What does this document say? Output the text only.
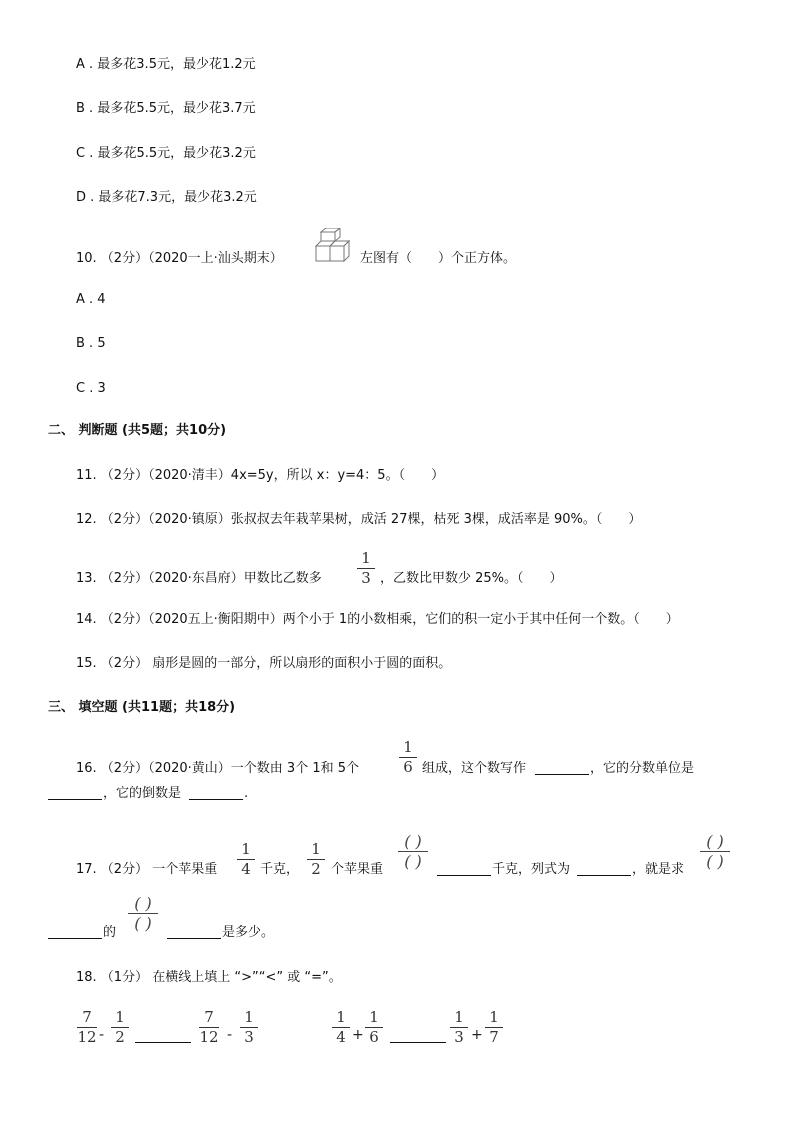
A . 最多花3.5元，最少花1.2元
B . 最多花5.5元，最少花3.7元
C . 最多花5.5元，最少花3.2元
D . 最多花7.3元，最少花3.2元
10. （2分）（2020一上·汕头期末）	左图有（　　）个正方体。
A . 4
B . 5
C . 3
二、 判断题 (共5题；共10分)
11. （2分）（2020·清丰）4x=5y，所以 x：y=4：5。（　　）
12. （2分）（2020·镇原）张叔叔去年栽苹果树，成活 27棵，枯死 3棵，成活率是 90%。（　　）
13. （2分）（2020·东昌府）甲数比乙数多
1
3 ，乙数比甲数少 25%。（　　）
14. （2分）（2020五上·衡阳期中）两个小于 1的小数相乘，它们的积一定小于其中任何一个数。（　　）
15. （2分） 扇形是圆的一部分，所以扇形的面积小于圆的面积。
三、 填空题 (共11题；共18分)
16. （2分）（2020·黄山）一个数由 3个 1和 5个
1
6 组成，这个数写作	，它的分数单位是
，它的倒数是	.
17. （2分） 一个苹果重
1
4 千克，
1
2 个苹果重
( )
( )	千克，列式为	，就是求
( )
( )
的
( )
( )	是多少。
18. （1分） 在横线上填上 “>”“<” 或 “=”。
7
12 -
1
2
7
12 -
1
3
1
4 +
1
6
1
3 +
1
7
